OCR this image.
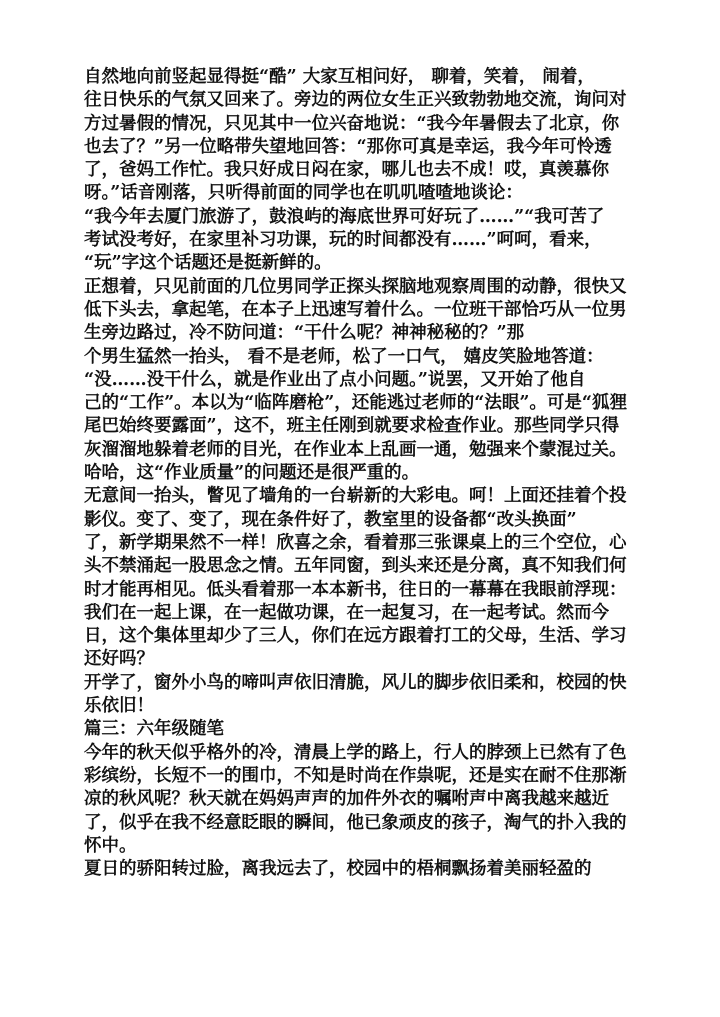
自然地向前竖起显得挺“酷” 大家互相问好， 聊着，笑着， 闹着，
往日快乐的气氛又回来了。旁边的两位女生正兴致勃勃地交流，询问对
方过暑假的情况，只见其中一位兴奋地说：“我今年暑假去了北京，你
也去了？”另一位略带失望地回答：“那你可真是幸运，我今年可怜透
了，爸妈工作忙。我只好成日闷在家，哪儿也去不成！哎，真羡慕你
呀。”话音刚落，只听得前面的同学也在叽叽喳喳地谈论：
“我今年去厦门旅游了，鼓浪屿的海底世界可好玩了……”“我可苦了
考试没考好，在家里补习功课，玩的时间都没有……”呵呵，看来，
“玩”字这个话题还是挺新鲜的。
正想着，只见前面的几位男同学正探头探脑地观察周围的动静，很快又
低下头去，拿起笔，在本子上迅速写着什么。一位班干部恰巧从一位男
生旁边路过，冷不防问道：“干什么呢？神神秘秘的？”那
个男生猛然一抬头， 看不是老师，松了一口气， 嬉皮笑脸地答道：
“没……没干什么，就是作业出了点小问题。”说罢，又开始了他自
己的“工作”。本以为“临阵磨枪”，还能逃过老师的“法眼”。可是“狐狸
尾巴始终要露面”，这不，班主任刚到就要求检查作业。那些同学只得
灰溜溜地躲着老师的目光，在作业本上乱画一通，勉强来个蒙混过关。
哈哈，这“作业质量”的问题还是很严重的。
无意间一抬头，瞥见了墙角的一台崭新的大彩电。呵！上面还挂着个投
影仪。变了、变了，现在条件好了，教室里的设备都“改头换面”
了，新学期果然不一样！欣喜之余，看着那三张课桌上的三个空位，心
头不禁涌起一股思念之情。五年同窗，到头来还是分离，真不知我们何
时才能再相见。低头看着那一本本新书，往日的一幕幕在我眼前浮现：
我们在一起上课，在一起做功课，在一起复习，在一起考试。然而今
日，这个集体里却少了三人，你们在远方跟着打工的父母，生活、学习
还好吗？
开学了，窗外小鸟的啼叫声依旧清脆，风儿的脚步依旧柔和，校园的快
乐依旧！
篇三：六年级随笔
今年的秋天似乎格外的冷，清晨上学的路上，行人的脖颈上已然有了色
彩缤纷，长短不一的围巾，不知是时尚在作祟呢，还是实在耐不住那渐
凉的秋风呢？秋天就在妈妈声声的加件外衣的嘱咐声中离我越来越近
了，似乎在我不经意眨眼的瞬间，他已象顽皮的孩子，淘气的扑入我的
怀中。
夏日的骄阳转过脸，离我远去了，校园中的梧桐飘扬着美丽轻盈的
